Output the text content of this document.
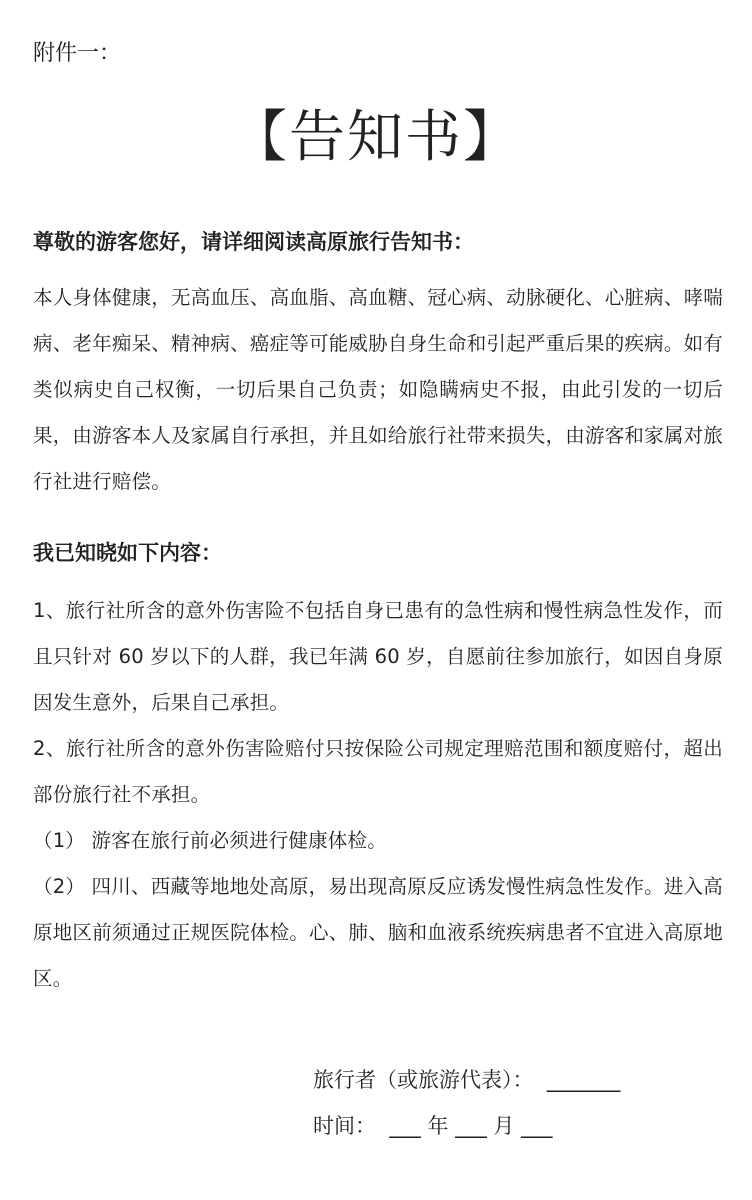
附件一：
【告知书】

尊敬的游客您好，请详细阅读高原旅行告知书：

本人身体健康，无高血压、高血脂、高血糖、冠心病、动脉硬化、心脏病、哮喘病、老年痴呆、精神病、癌症等可能威胁自身生命和引起严重后果的疾病。如有类似病史自己权衡，一切后果自己负责；如隐瞒病史不报，由此引发的一切后果，由游客本人及家属自行承担，并且如给旅行社带来损失，由游客和家属对旅行社进行赔偿。

我已知晓如下内容：

1、旅行社所含的意外伤害险不包括自身已患有的急性病和慢性病急性发作，而且只针对 60 岁以下的人群，我已年满 60 岁，自愿前往参加旅行，如因自身原因发生意外，后果自己承担。

2、旅行社所含的意外伤害险赔付只按保险公司规定理赔范围和额度赔付，超出部份旅行社不承担。

（1） 游客在旅行前必须进行健康体检。

（2） 四川、西藏等地地处高原，易出现高原反应诱发慢性病急性发作。进入高原地区前须通过正规医院体检。心、肺、脑和血液系统疾病患者不宜进入高原地区。

旅行者（或旅游代表）：  _______

时间：  ___ 年 ___ 月 ___
